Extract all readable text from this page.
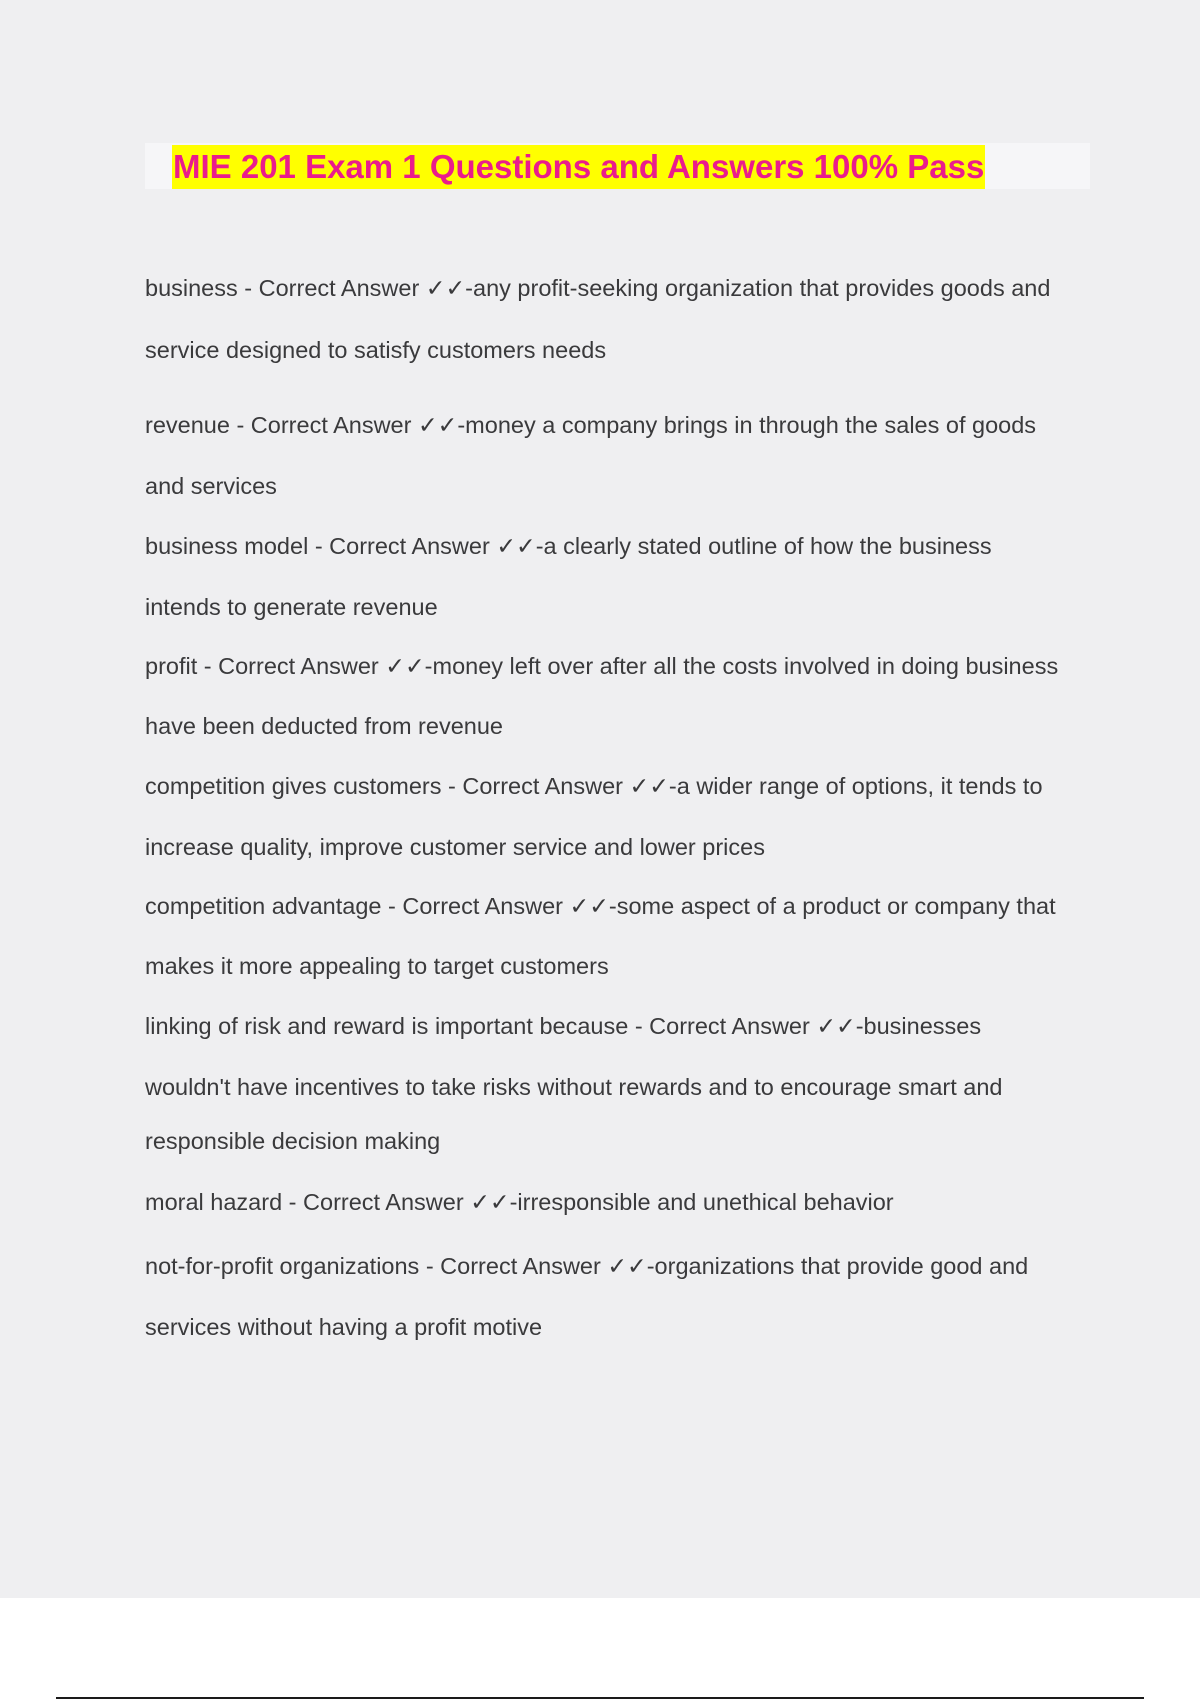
MIE 201 Exam 1 Questions and Answers 100% Pass
business - Correct Answer ✓✓-any profit-seeking organization that provides goods and
service designed to satisfy customers needs
revenue - Correct Answer ✓✓-money a company brings in through the sales of goods
and services
business model - Correct Answer ✓✓-a clearly stated outline of how the business
intends to generate revenue
profit - Correct Answer ✓✓-money left over after all the costs involved in doing business
have been deducted from revenue
competition gives customers - Correct Answer ✓✓-a wider range of options, it tends to
increase quality, improve customer service and lower prices
competition advantage - Correct Answer ✓✓-some aspect of a product or company that
makes it more appealing to target customers
linking of risk and reward is important because - Correct Answer ✓✓-businesses
wouldn't have incentives to take risks without rewards and to encourage smart and
responsible decision making
moral hazard - Correct Answer ✓✓-irresponsible and unethical behavior
not-for-profit organizations - Correct Answer ✓✓-organizations that provide good and
services without having a profit motive
